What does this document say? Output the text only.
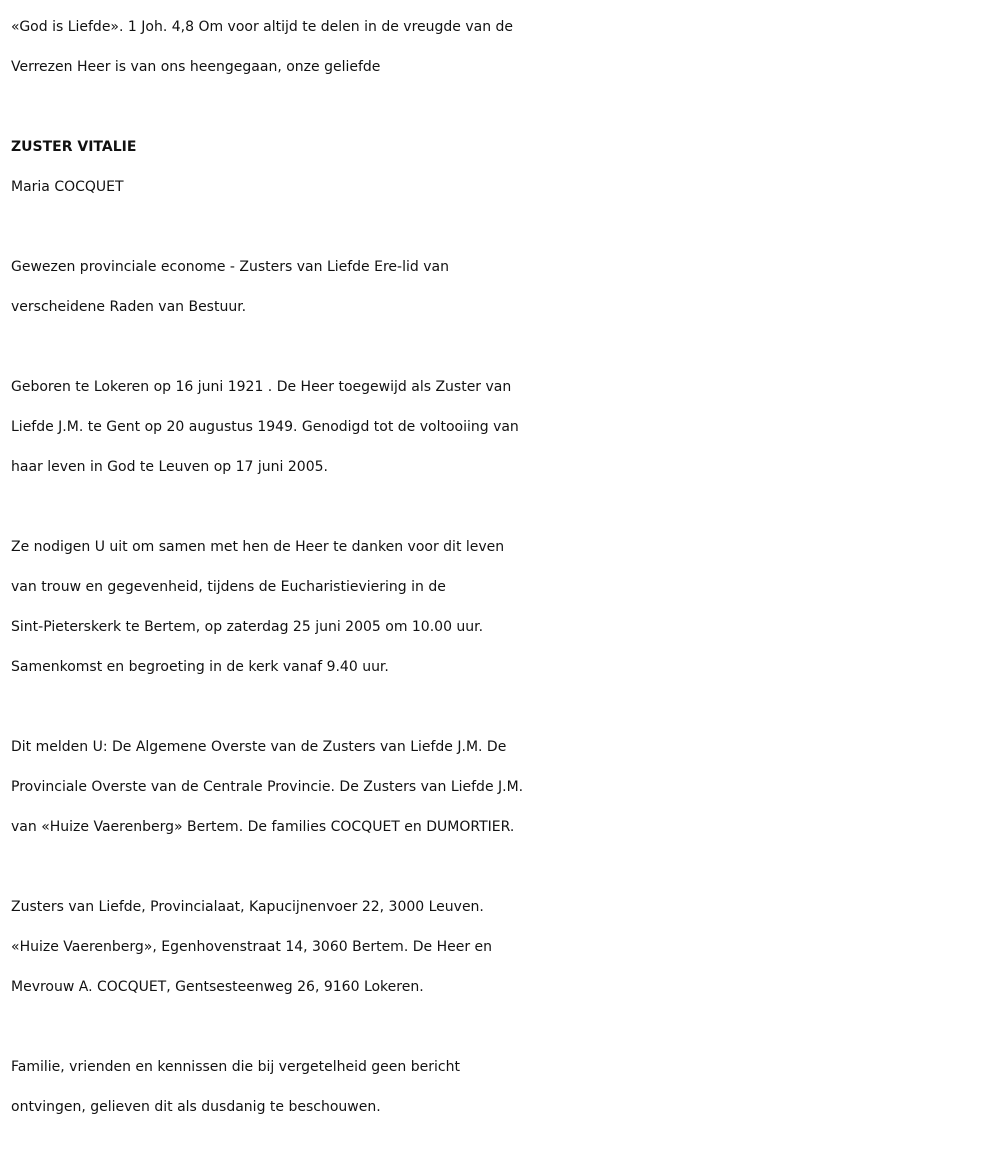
«God is Liefde». 1 Joh. 4,8 Om voor altijd te delen in de vreugde van de

Verrezen Heer is van ons heengegaan, onze geliefde

ZUSTER VITALIE

Maria COCQUET

Gewezen provinciale econome - Zusters van Liefde Ere-lid van

verscheidene Raden van Bestuur.

Geboren te Lokeren op 16 juni 1921 . De Heer toegewijd als Zuster van

Liefde J.M. te Gent op 20 augustus 1949. Genodigd tot de voltooiing van

haar leven in God te Leuven op 17 juni 2005.

Ze nodigen U uit om samen met hen de Heer te danken voor dit leven

van trouw en gegevenheid, tijdens de Eucharistieviering in de

Sint-Pieterskerk te Bertem, op zaterdag 25 juni 2005 om 10.00 uur.

Samenkomst en begroeting in de kerk vanaf 9.40 uur.

Dit melden U: De Algemene Overste van de Zusters van Liefde J.M. De

Provinciale Overste van de Centrale Provincie. De Zusters van Liefde J.M.

van «Huize Vaerenberg» Bertem. De families COCQUET en DUMORTIER.

Zusters van Liefde, Provincialaat, Kapucijnenvoer 22, 3000 Leuven.

«Huize Vaerenberg», Egenhovenstraat 14, 3060 Bertem. De Heer en

Mevrouw A. COCQUET, Gentsesteenweg 26, 9160 Lokeren.

Familie, vrienden en kennissen die bij vergetelheid geen bericht

ontvingen, gelieven dit als dusdanig te beschouwen.
